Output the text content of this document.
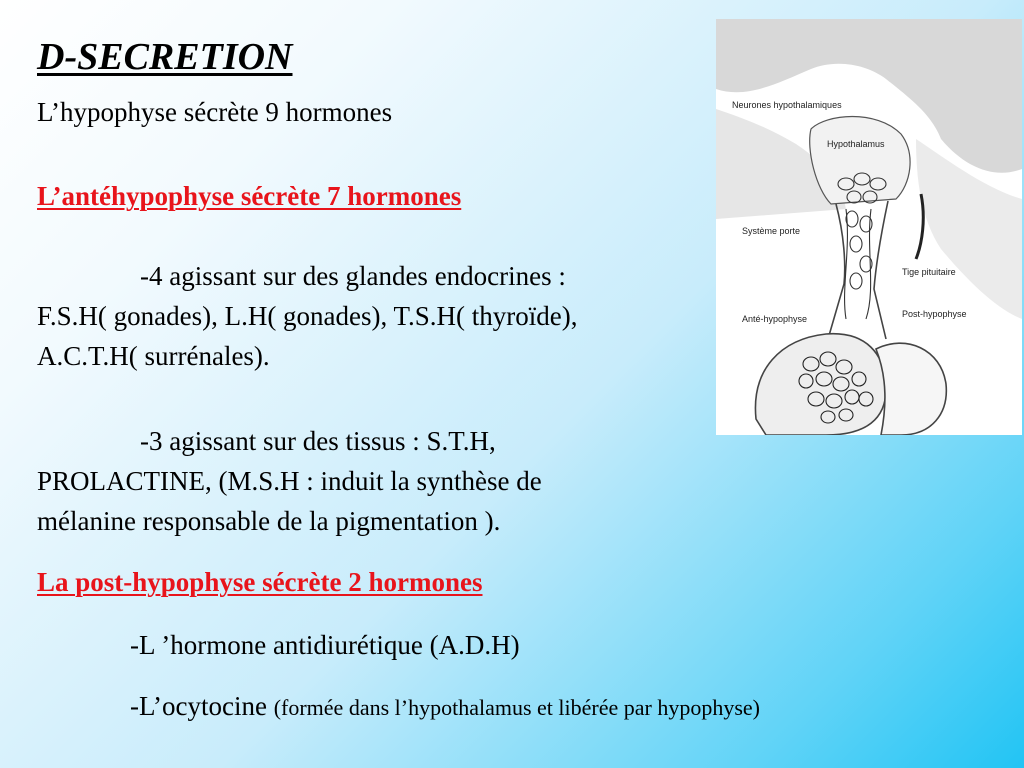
D-SECRETION
L’hypophyse sécrète 9 hormones
L’antéhypophyse sécrète 7 hormones
-4 agissant sur des glandes endocrines :
F.S.H( gonades), L.H( gonades), T.S.H( thyroïde),
A.C.T.H( surrénales).
-3 agissant sur des tissus : S.T.H,
PROLACTINE, (M.S.H : induit la synthèse de
mélanine responsable de la pigmentation ).
La post-hypophyse sécrète 2 hormones
-L ’hormone antidiurétique (A.D.H)
-L’ocytocine (formée dans l’hypothalamus et libérée par hypophyse)
Neurones hypothalamiques
Hypothalamus
Système porte
Tige pituitaire
Anté-hypophyse	Post-hypophyse
